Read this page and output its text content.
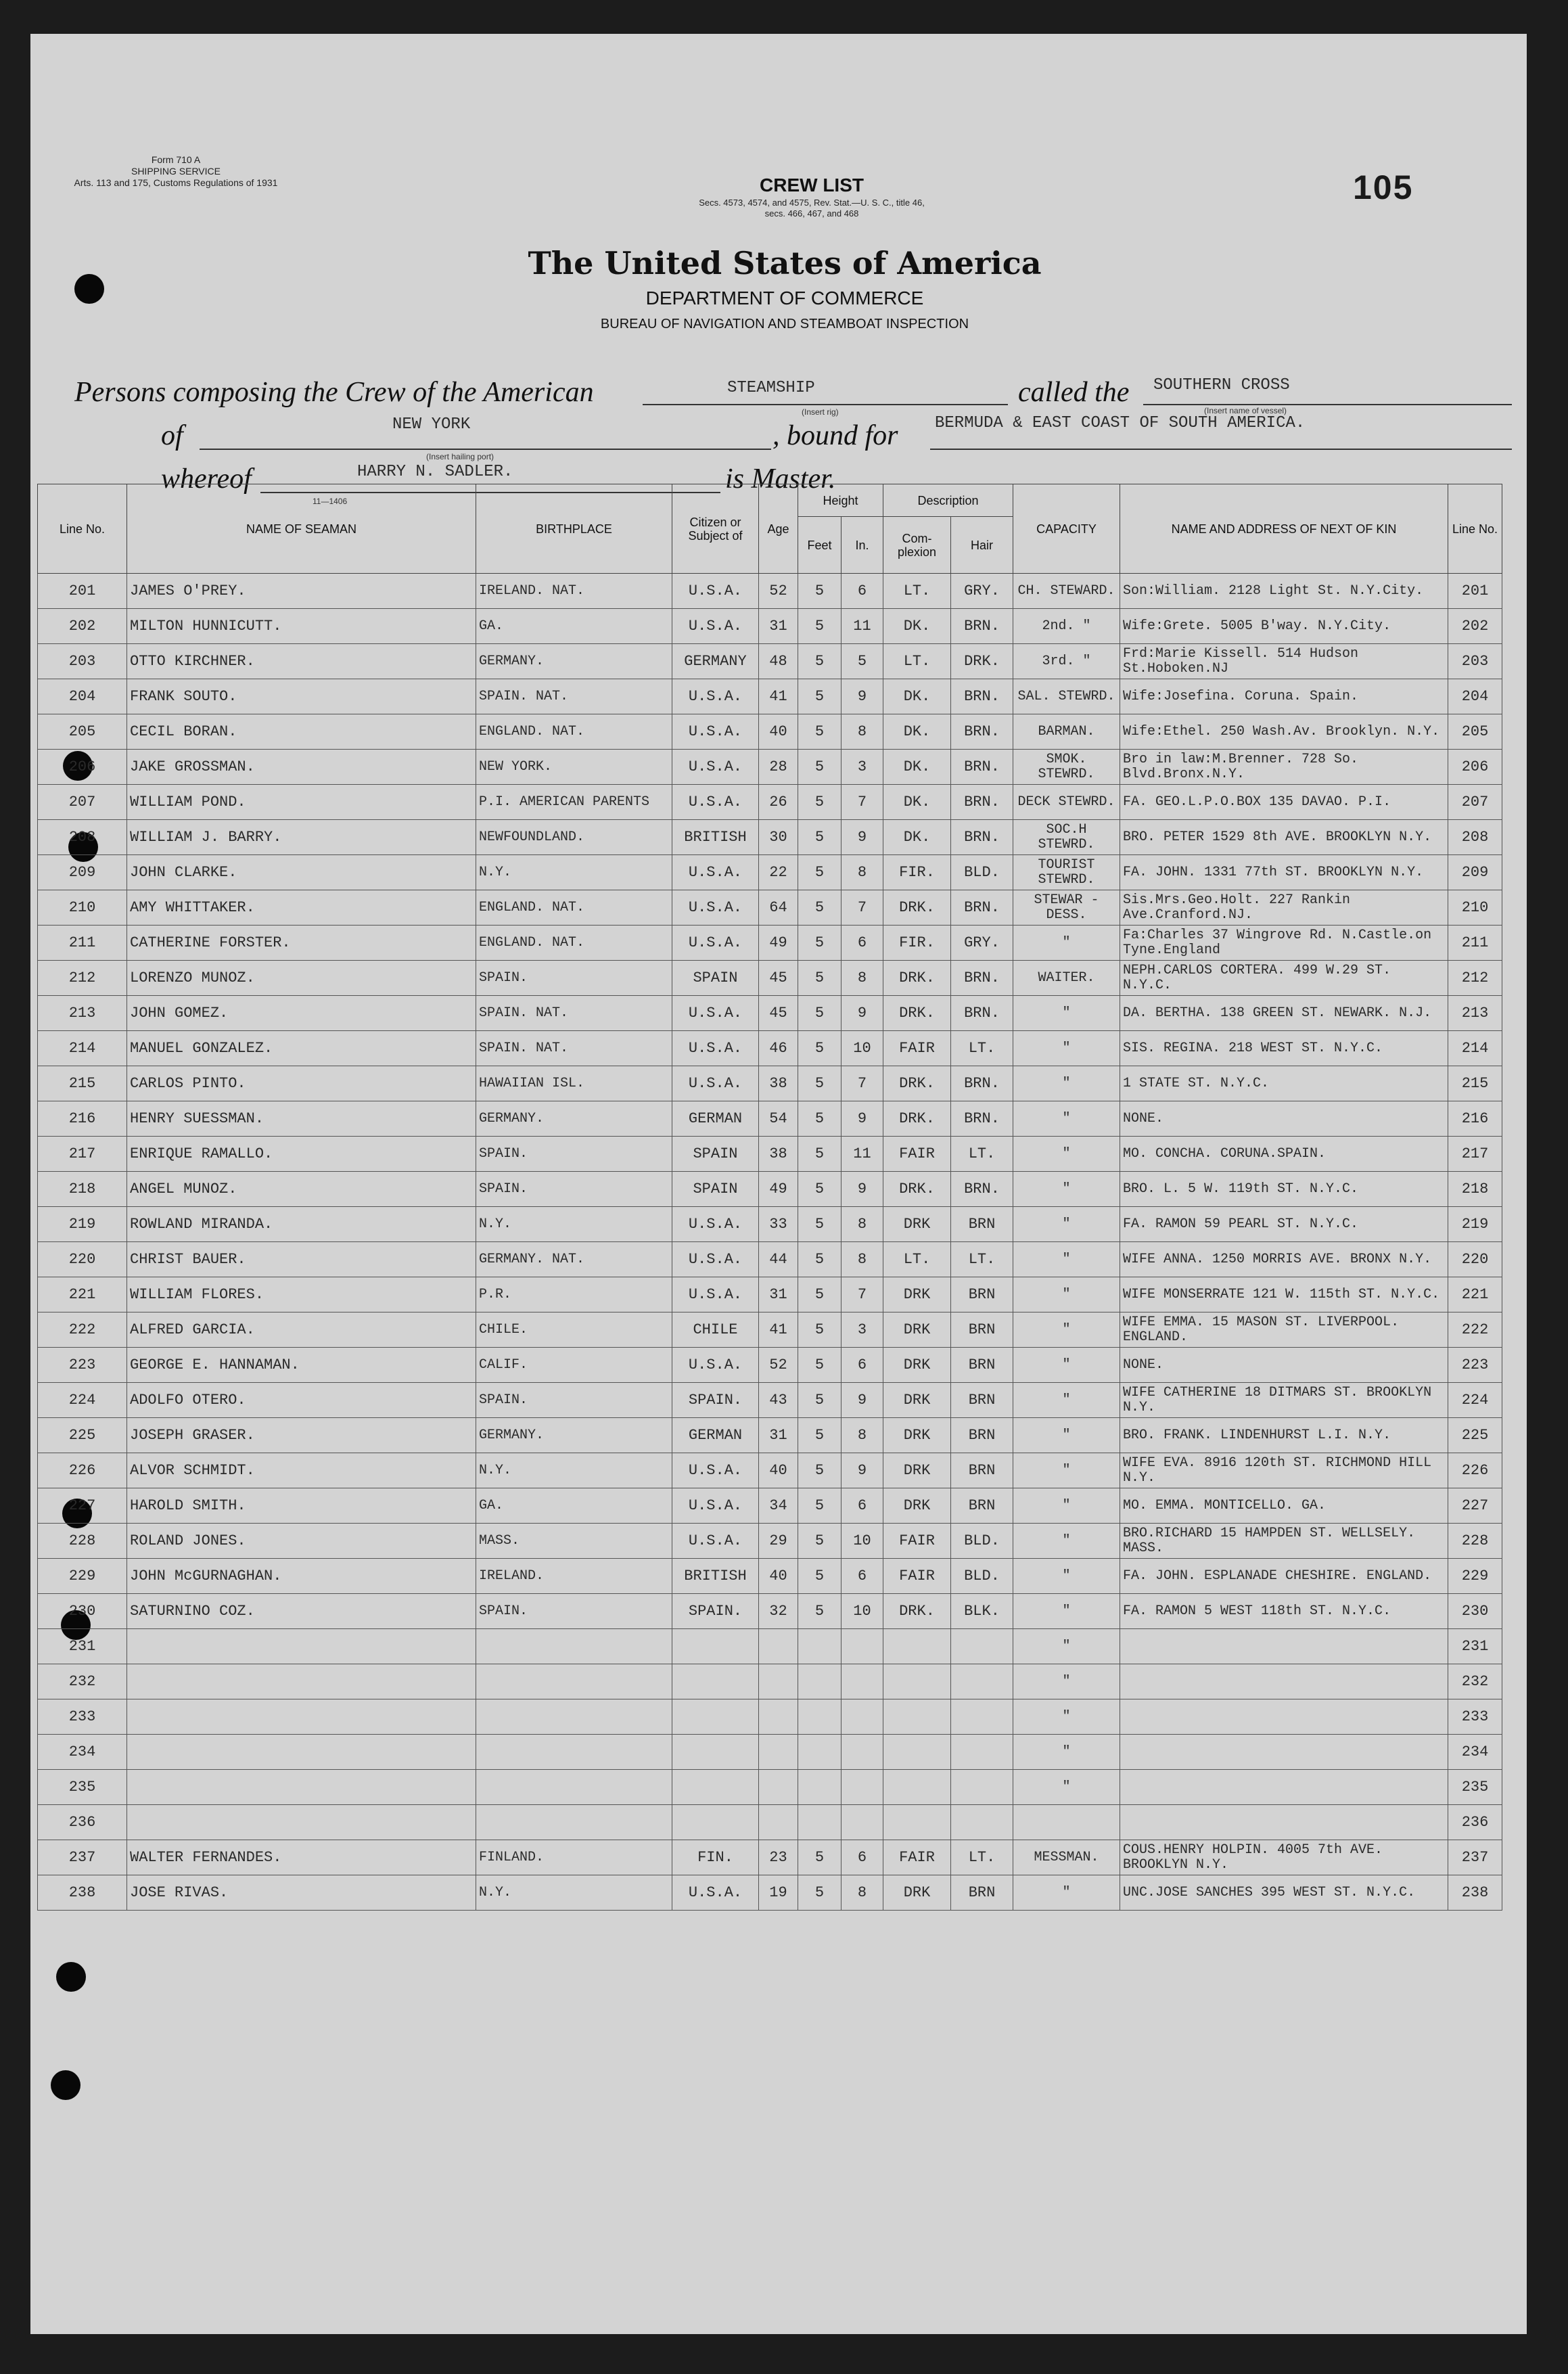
Form 710 A
SHIPPING SERVICE
Arts. 113 and 175, Customs Regulations of 1931	CREW LIST
Secs. 4573, 4574, and 4575, Rev. Stat.—U. S. C., title 46,
secs. 466, 467, and 468
105
The United States of America
DEPARTMENT OF COMMERCE
BUREAU OF NAVIGATION AND STEAMBOAT INSPECTION
Persons composing the Crew of the American	STEAMSHIP
(Insert rig)
called the SOUTHERN CROSS
of	NEW YORK
(Insert hailing port)
, bound for
(Insert name of vessel)
BERMUDA & EAST COAST OF SOUTH AMERICA.
whereof	HARRY N. SADLER.	is Master.
11—1406
Line No.	NAME OF SEAMAN	BIRTHPLACE	Citizen or Subject of	Age	Height		Description		CAPACITY	NAME AND ADDRESS OF NEXT OF KIN	Line No.
					Feet	In.	Com-plexion	Hair			
201	JAMES O'PREY.	IRELAND. NAT.	U.S.A.	52	5	6	LT.	GRY.	CH. STEWARD.	Son:William. 2128 Light St. N.Y.City.	201
202	MILTON HUNNICUTT.	GA.	U.S.A.	31	5	11	DK.	BRN.	2nd. "	Wife:Grete. 5005 B'way. N.Y.City.	202
203	OTTO KIRCHNER.	GERMANY.	GERMANY	48	5	5	LT.	DRK.	3rd. "	Frd:Marie Kissell. 514 Hudson St.Hoboken.NJ	203
204	FRANK SOUTO.	SPAIN. NAT.	U.S.A.	41	5	9	DK.	BRN.	SAL. STEWRD.	Wife:Josefina. Coruna. Spain.	204
205	CECIL BORAN.	ENGLAND. NAT.	U.S.A.	40	5	8	DK.	BRN.	BARMAN.	Wife:Ethel. 250 Wash.Av. Brooklyn. N.Y.	205
206	JAKE GROSSMAN.	NEW YORK.	U.S.A.	28	5	3	DK.	BRN.	SMOK. STEWRD.	Bro in law:M.Brenner. 728 So. Blvd.Bronx.N.Y.	206
207	WILLIAM POND.	P.I. AMERICAN PARENTS	U.S.A.	26	5	7	DK.	BRN.	DECK STEWRD.	FA. GEO.L.P.O.BOX 135 DAVAO. P.I.	207
208	WILLIAM J. BARRY.	NEWFOUNDLAND.	BRITISH	30	5	9	DK.	BRN.	SOC.H STEWRD.	BRO. PETER 1529 8th AVE. BROOKLYN N.Y.	208
209	JOHN CLARKE.	N.Y.	U.S.A.	22	5	8	FIR.	BLD.	TOURIST STEWRD.	FA. JOHN. 1331 77th ST. BROOKLYN N.Y.	209
210	AMY WHITTAKER.	ENGLAND. NAT.	U.S.A.	64	5	7	DRK.	BRN.	STEWAR - DESS.	Sis.Mrs.Geo.Holt. 227 Rankin Ave.Cranford.NJ.	210
211	CATHERINE FORSTER.	ENGLAND. NAT.	U.S.A.	49	5	6	FIR.	GRY.	"	Fa:Charles 37 Wingrove Rd. N.Castle.on Tyne.England	211
212	LORENZO MUNOZ.	SPAIN.	SPAIN	45	5	8	DRK.	BRN.	WAITER.	NEPH.CARLOS CORTERA. 499 W.29 ST. N.Y.C.	212
213	JOHN GOMEZ.	SPAIN. NAT.	U.S.A.	45	5	9	DRK.	BRN.	"	DA. BERTHA. 138 GREEN ST. NEWARK. N.J.	213
214	MANUEL GONZALEZ.	SPAIN. NAT.	U.S.A.	46	5	10	FAIR	LT.	"	SIS. REGINA. 218 WEST ST. N.Y.C.	214
215	CARLOS PINTO.	HAWAIIAN ISL.	U.S.A.	38	5	7	DRK.	BRN.	"	1 STATE ST. N.Y.C.	215
216	HENRY SUESSMAN.	GERMANY.	GERMAN	54	5	9	DRK.	BRN.	"	NONE.	216
217	ENRIQUE RAMALLO.	SPAIN.	SPAIN	38	5	11	FAIR	LT.	"	MO. CONCHA. CORUNA.SPAIN.	217
218	ANGEL MUNOZ.	SPAIN.	SPAIN	49	5	9	DRK.	BRN.	"	BRO. L. 5 W. 119th ST. N.Y.C.	218
219	ROWLAND MIRANDA.	N.Y.	U.S.A.	33	5	8	DRK	BRN	"	FA. RAMON 59 PEARL ST. N.Y.C.	219
220	CHRIST BAUER.	GERMANY. NAT.	U.S.A.	44	5	8	LT.	LT.	"	WIFE ANNA. 1250 MORRIS AVE. BRONX N.Y.	220
221	WILLIAM FLORES.	P.R.	U.S.A.	31	5	7	DRK	BRN	"	WIFE MONSERRATE 121 W. 115th ST. N.Y.C.	221
222	ALFRED GARCIA.	CHILE.	CHILE	41	5	3	DRK	BRN	"	WIFE EMMA. 15 MASON ST. LIVERPOOL. ENGLAND.	222
223	GEORGE E. HANNAMAN.	CALIF.	U.S.A.	52	5	6	DRK	BRN	"	NONE.	223
224	ADOLFO OTERO.	SPAIN.	SPAIN.	43	5	9	DRK	BRN	"	WIFE CATHERINE 18 DITMARS ST. BROOKLYN N.Y.	224
225	JOSEPH GRASER.	GERMANY.	GERMAN	31	5	8	DRK	BRN	"	BRO. FRANK. LINDENHURST L.I. N.Y.	225
226	ALVOR SCHMIDT.	N.Y.	U.S.A.	40	5	9	DRK	BRN	"	WIFE EVA. 8916 120th ST. RICHMOND HILL N.Y.	226
227	HAROLD SMITH.	GA.	U.S.A.	34	5	6	DRK	BRN	"	MO. EMMA. MONTICELLO. GA.	227
228	ROLAND JONES.	MASS.	U.S.A.	29	5	10	FAIR	BLD.	"	BRO.RICHARD 15 HAMPDEN ST. WELLSELY. MASS.	228
229	JOHN McGURNAGHAN.	IRELAND.	BRITISH	40	5	6	FAIR	BLD.	"	FA. JOHN. ESPLANADE CHESHIRE. ENGLAND.	229
230	SATURNINO COZ.	SPAIN.	SPAIN.	32	5	10	DRK.	BLK.	"	FA. RAMON 5 WEST 118th ST. N.Y.C.	230
231									"		231
232									"		232
233									"		233
234									"		234
235									"		235
236											236
237	WALTER FERNANDES.	FINLAND.	FIN.	23	5	6	FAIR	LT.	MESSMAN.	COUS.HENRY HOLPIN. 4005 7th AVE. BROOKLYN N.Y.	237
238	JOSE RIVAS.	N.Y.	U.S.A.	19	5	8	DRK	BRN	"	UNC.JOSE SANCHES 395 WEST ST. N.Y.C.	238
